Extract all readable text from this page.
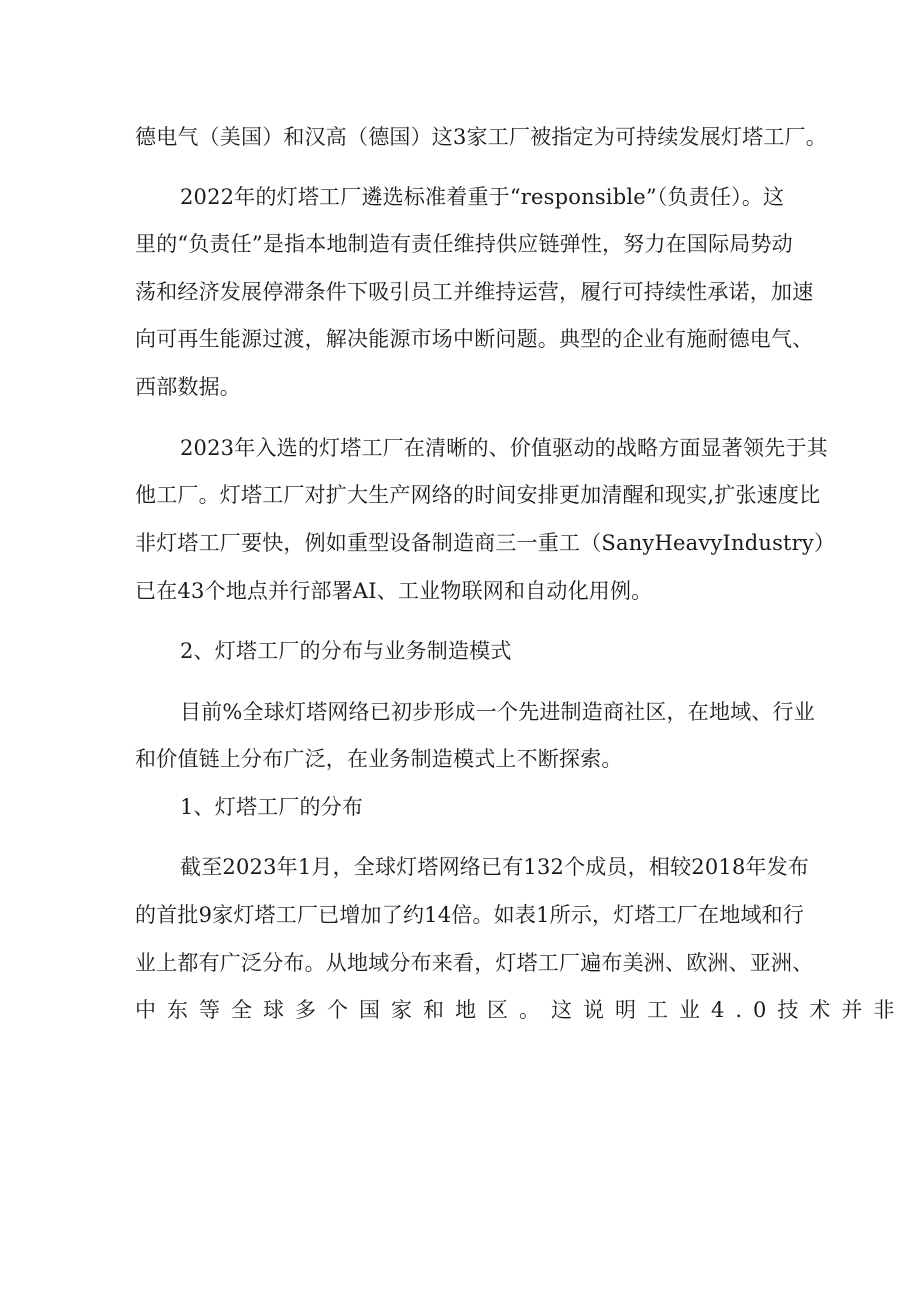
德电气（美国）和汉高（德国）这3家工厂被指定为可持续发展灯塔工厂。
2022年的灯塔工厂遴选标准着重于“responsible”（负责任）。这
里的“负责任”是指本地制造有责任维持供应链弹性，努力在国际局势动
荡和经济发展停滞条件下吸引员工并维持运营，履行可持续性承诺，加速
向可再生能源过渡，解决能源市场中断问题。典型的企业有施耐德电气、
西部数据。
2023年入选的灯塔工厂在清晰的、价值驱动的战略方面显著领先于其
他工厂。灯塔工厂对扩大生产网络的时间安排更加清醒和现实,扩张速度比
非灯塔工厂要快，例如重型设备制造商三一重工（SanyHeavyIndustry）
已在43个地点并行部署AI、工业物联网和自动化用例。
2、灯塔工厂的分布与业务制造模式
目前%全球灯塔网络已初步形成一个先进制造商社区，在地域、行业
和价值链上分布广泛，在业务制造模式上不断探索。
1、灯塔工厂的分布
截至2023年1月，全球灯塔网络已有132个成员，相较2018年发布
的首批9家灯塔工厂已增加了约14倍。如表1所示，灯塔工厂在地域和行
业上都有广泛分布。从地域分布来看，灯塔工厂遍布美洲、欧洲、亚洲、
中东等全球多个国家和地区。这说明工业4.0技术并非
